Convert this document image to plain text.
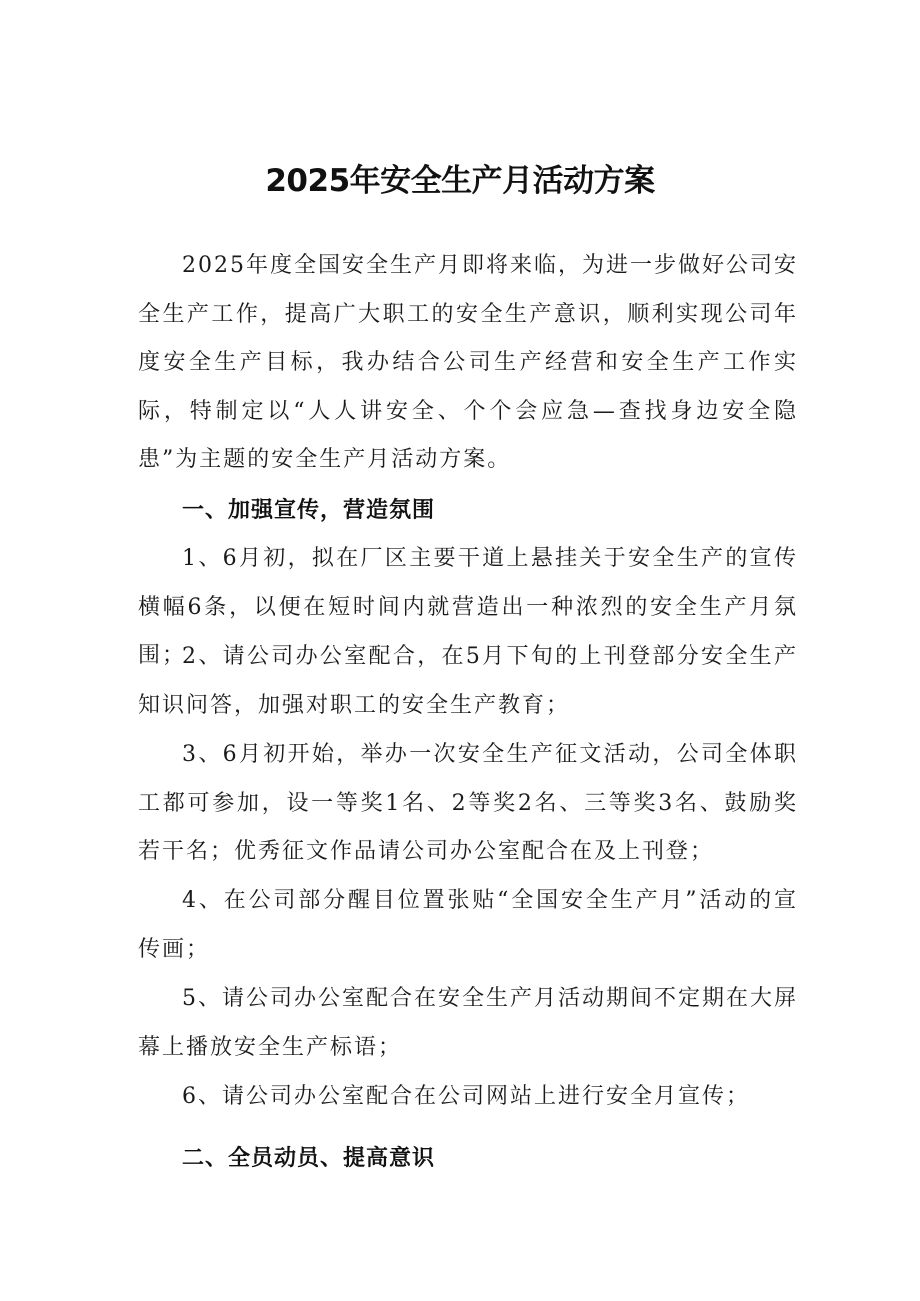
2025年安全生产月活动方案

2025年度全国安全生产月即将来临，为进一步做好公司安全生产工作，提高广大职工的安全生产意识，顺利实现公司年度安全生产目标，我办结合公司生产经营和安全生产工作实际，特制定以“人人讲安全、个个会应急—查找身边安全隐患”为主题的安全生产月活动方案。

一、加强宣传，营造氛围

1、6月初，拟在厂区主要干道上悬挂关于安全生产的宣传横幅6条，以便在短时间内就营造出一种浓烈的安全生产月氛围；

2、请公司办公室配合，在5月下旬的上刊登部分安全生产知识问答，加强对职工的安全生产教育；

3、6月初开始，举办一次安全生产征文活动，公司全体职工都可参加，设一等奖1名、2等奖2名、三等奖3名、鼓励奖若干名；优秀征文作品请公司办公室配合在及上刊登；

4、在公司部分醒目位置张贴“全国安全生产月”活动的宣传画；

5、请公司办公室配合在安全生产月活动期间不定期在大屏幕上播放安全生产标语；

6、请公司办公室配合在公司网站上进行安全月宣传；

二、全员动员、提高意识
